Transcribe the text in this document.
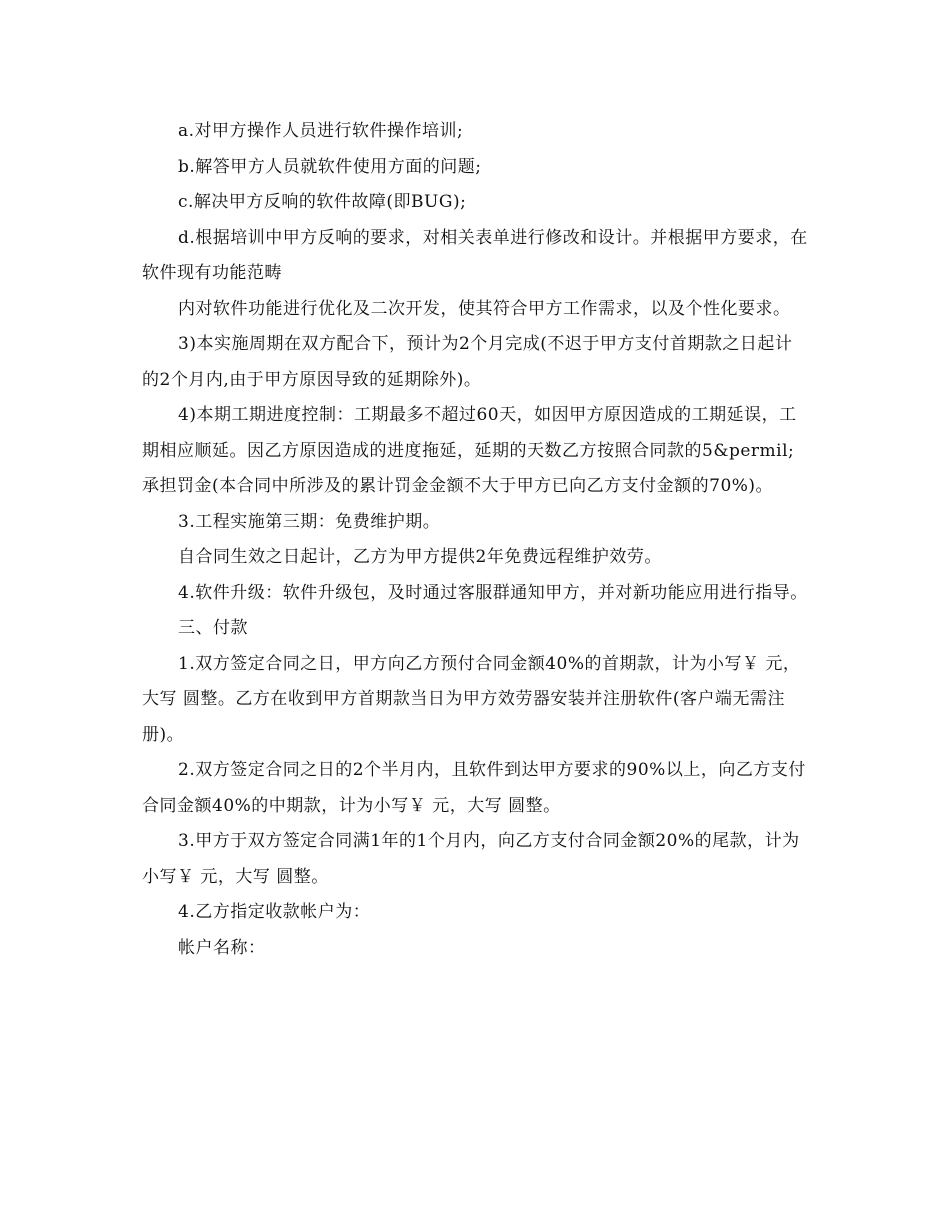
a.对甲方操作人员进行软件操作培训;

b.解答甲方人员就软件使用方面的问题;

c.解决甲方反响的软件故障(即BUG);

d.根据培训中甲方反响的要求，对相关表单进行修改和设计。并根据甲方要求，在软件现有功能范畴

内对软件功能进行优化及二次开发，使其符合甲方工作需求，以及个性化要求。

3)本实施周期在双方配合下，预计为2个月完成(不迟于甲方支付首期款之日起计的2个月内,由于甲方原因导致的延期除外)。

4)本期工期进度控制：工期最多不超过60天，如因甲方原因造成的工期延误，工期相应顺延。因乙方原因造成的进度拖延，延期的天数乙方按照合同款的5&permil;承担罚金(本合同中所涉及的累计罚金金额不大于甲方已向乙方支付金额的70%)。

3.工程实施第三期：免费维护期。

自合同生效之日起计，乙方为甲方提供2年免费远程维护效劳。

4.软件升级：软件升级包，及时通过客服群通知甲方，并对新功能应用进行指导。

三、付款

1.双方签定合同之日，甲方向乙方预付合同金额40%的首期款，计为小写￥ 元，大写 圆整。乙方在收到甲方首期款当日为甲方效劳器安装并注册软件(客户端无需注册)。

2.双方签定合同之日的2个半月内，且软件到达甲方要求的90%以上，向乙方支付合同金额40%的中期款，计为小写￥ 元，大写 圆整。

3.甲方于双方签定合同满1年的1个月内，向乙方支付合同金额20%的尾款，计为小写￥ 元，大写 圆整。

4.乙方指定收款帐户为：

帐户名称：
